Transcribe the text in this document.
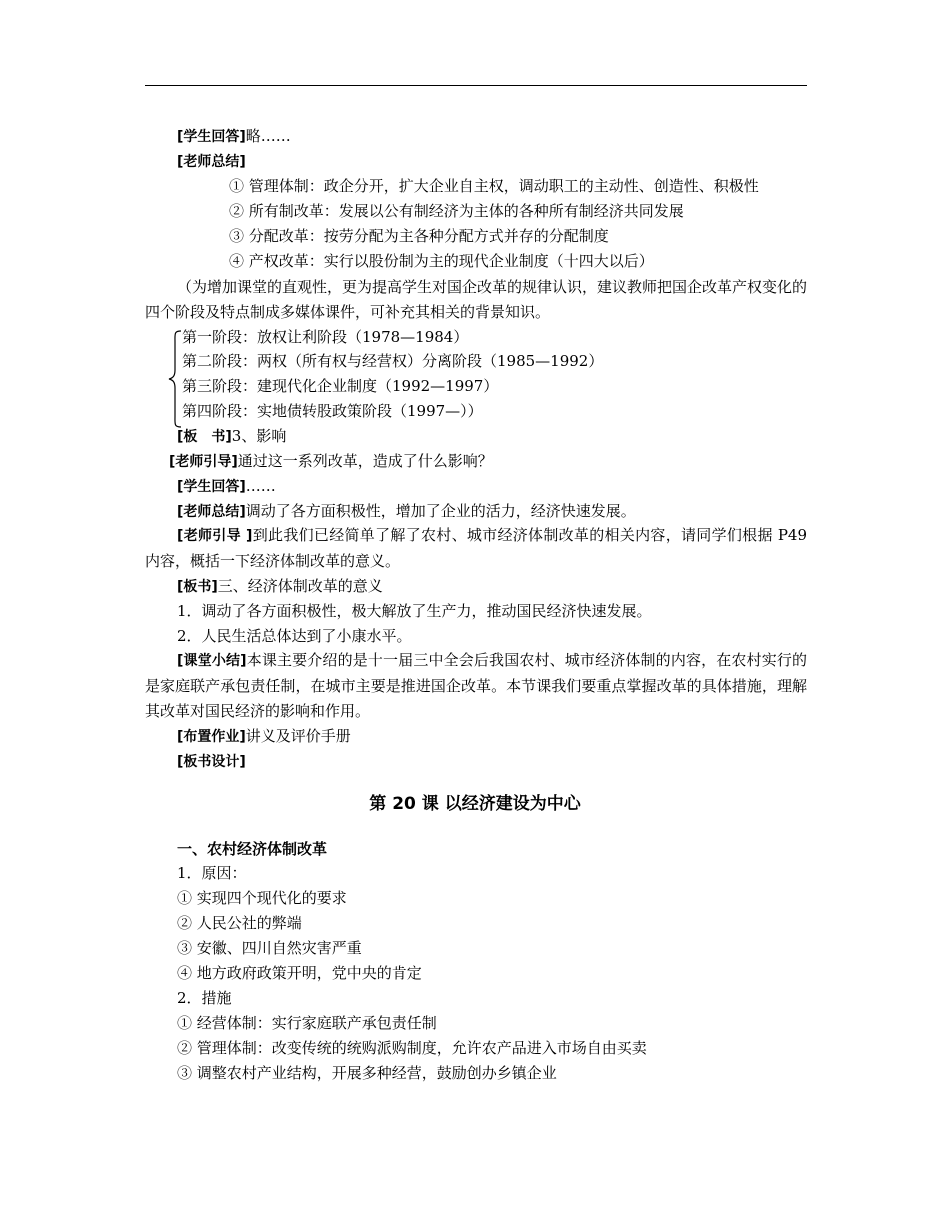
[学生回答]略……
[老师总结]
① 管理体制：政企分开，扩大企业自主权，调动职工的主动性、创造性、积极性
② 所有制改革：发展以公有制经济为主体的各种所有制经济共同发展
③ 分配改革：按劳分配为主各种分配方式并存的分配制度
④ 产权改革：实行以股份制为主的现代企业制度（十四大以后）
（为增加课堂的直观性，更为提高学生对国企改革的规律认识，建议教师把国企改革产权变化的四个阶段及特点制成多媒体课件，可补充其相关的背景知识。
第一阶段：放权让利阶段（1978—1984）
第二阶段：两权（所有权与经营权）分离阶段（1985—1992）
第三阶段：建现代化企业制度（1992—1997）
第四阶段：实地债转股政策阶段（1997—））
[板　书]3、影响
[老师引导]通过这一系列改革，造成了什么影响？
[学生回答]……
[老师总结]调动了各方面积极性，增加了企业的活力，经济快速发展。
[老师引导 ]到此我们已经简单了解了农村、城市经济体制改革的相关内容，请同学们根据 P49 内容，概括一下经济体制改革的意义。
[板书]三、经济体制改革的意义
1．调动了各方面积极性，极大解放了生产力，推动国民经济快速发展。
2．人民生活总体达到了小康水平。
[课堂小结]本课主要介绍的是十一届三中全会后我国农村、城市经济体制的内容，在农村实行的是家庭联产承包责任制，在城市主要是推进国企改革。本节课我们要重点掌握改革的具体措施，理解其改革对国民经济的影响和作用。
[布置作业]讲义及评价手册
[板书设计]
第 20 课 以经济建设为中心
一、农村经济体制改革
1．原因：
① 实现四个现代化的要求
② 人民公社的弊端
③ 安徽、四川自然灾害严重
④ 地方政府政策开明，党中央的肯定
2．措施
① 经营体制：实行家庭联产承包责任制
② 管理体制：改变传统的统购派购制度，允许农产品进入市场自由买卖
③ 调整农村产业结构，开展多种经营，鼓励创办乡镇企业
